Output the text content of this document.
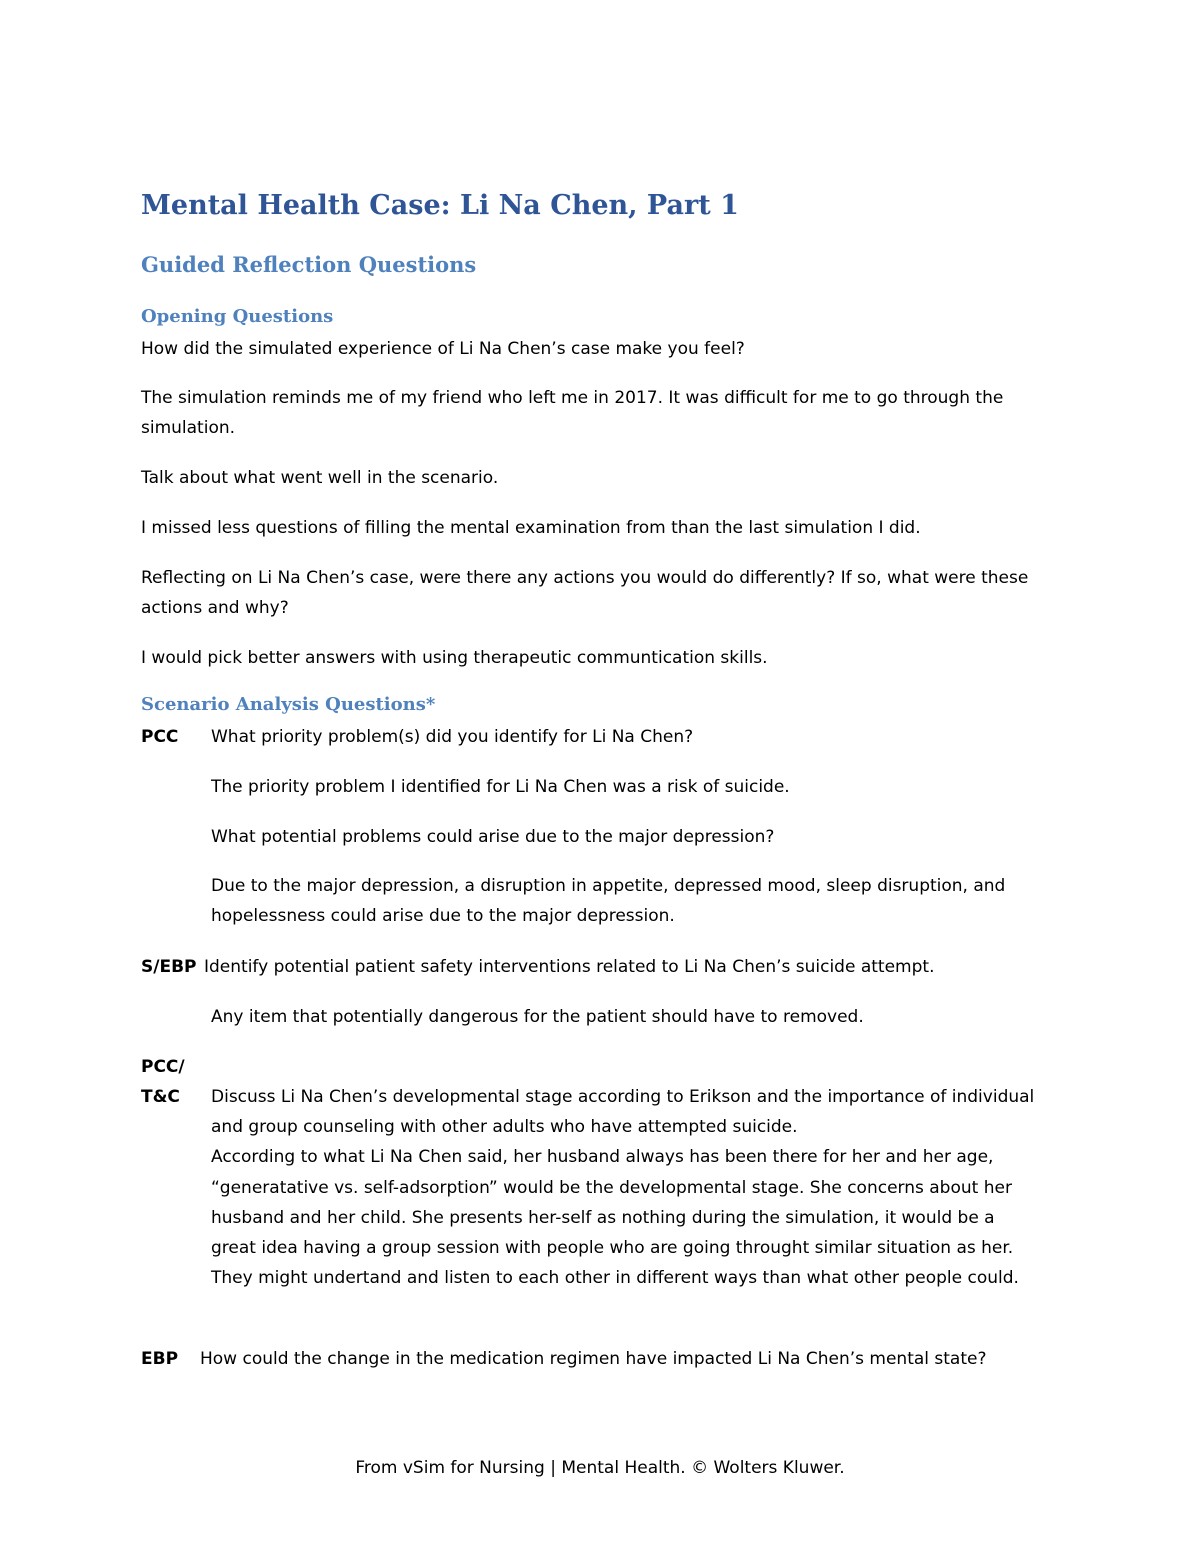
Mental Health Case: Li Na Chen, Part 1
Guided Reflection Questions
Opening Questions
How did the simulated experience of Li Na Chen’s case make you feel?
The simulation reminds me of my friend who left me in 2017. It was difficult for me to go through the
simulation.
Talk about what went well in the scenario.
I missed less questions of filling the mental examination from than the last simulation I did.
Reflecting on Li Na Chen’s case, were there any actions you would do differently? If so, what were these
actions and why?
I would pick better answers with using therapeutic communtication skills.
Scenario Analysis Questions*
PCC What priority problem(s) did you identify for Li Na Chen?
The priority problem I identified for Li Na Chen was a risk of suicide.
What potential problems could arise due to the major depression?
Due to the major depression, a disruption in appetite, depressed mood, sleep disruption, and
hopelessness could arise due to the major depression.
S/EBP Identify potential patient safety interventions related to Li Na Chen’s suicide attempt.
Any item that potentially dangerous for the patient should have to removed.
PCC/
T&C Discuss Li Na Chen’s developmental stage according to Erikson and the importance of individual
and group counseling with other adults who have attempted suicide.
According to what Li Na Chen said, her husband always has been there for her and her age,
“generatative vs. self-adsorption” would be the developmental stage. She concerns about her
husband and her child. She presents her-self as nothing during the simulation, it would be a
great idea having a group session with people who are going throught similar situation as her.
They might undertand and listen to each other in different ways than what other people could.
EBP How could the change in the medication regimen have impacted Li Na Chen’s mental state?
From vSim for Nursing | Mental Health. © Wolters Kluwer.
